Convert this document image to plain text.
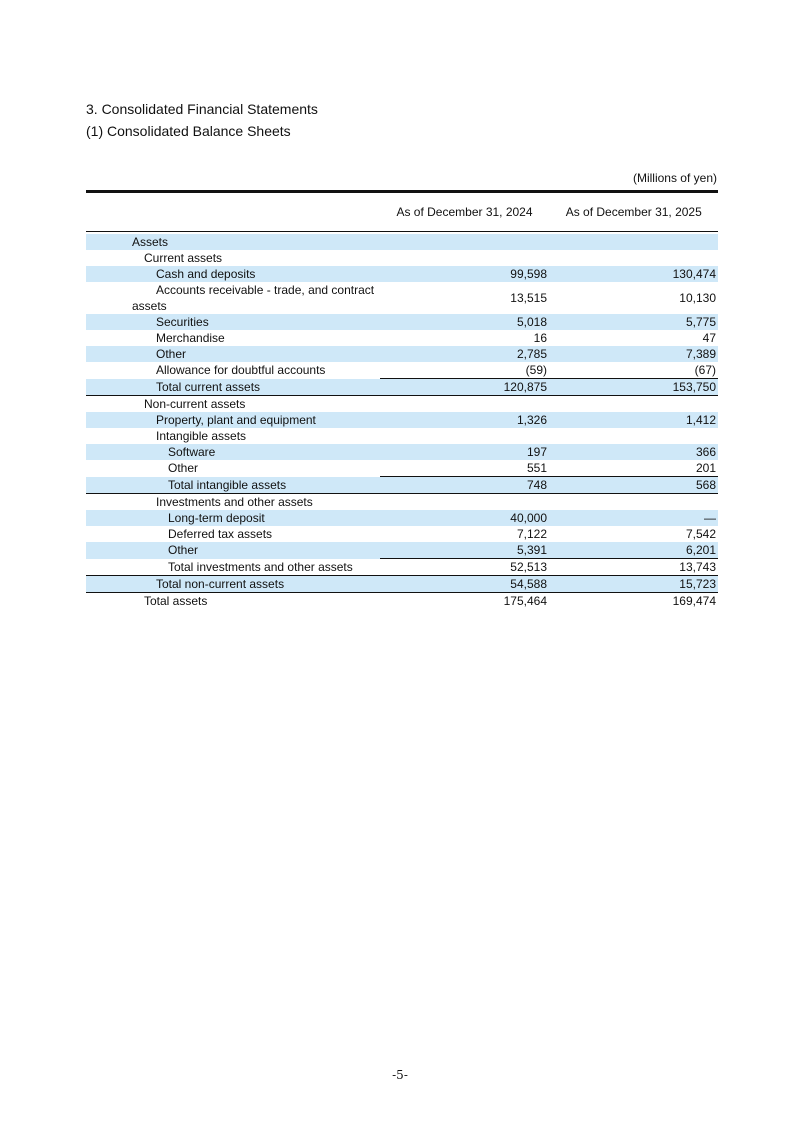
3. Consolidated Financial Statements
(1) Consolidated Balance Sheets
(Millions of yen)
	As of December 31, 2024	As of December 31, 2025

Assets		
Current assets		
Cash and deposits	99,598	130,474

Accounts receivable - trade, and contract
assets	13,515	10,130
Securities	5,018	5,775
Merchandise	16	47
Other	2,785	7,389
Allowance for doubtful accounts	(59)	(67)
Total current assets	120,875	153,750
Non-current assets		
Property, plant and equipment	1,326	1,412
Intangible assets		
Software	197	366
Other	551	201
Total intangible assets	748	568
Investments and other assets		
Long-term deposit	40,000	—
Deferred tax assets	7,122	7,542
Other	5,391	6,201
Total investments and other assets	52,513	13,743
Total non-current assets	54,588	15,723
Total assets	175,464	169,474
-5-
